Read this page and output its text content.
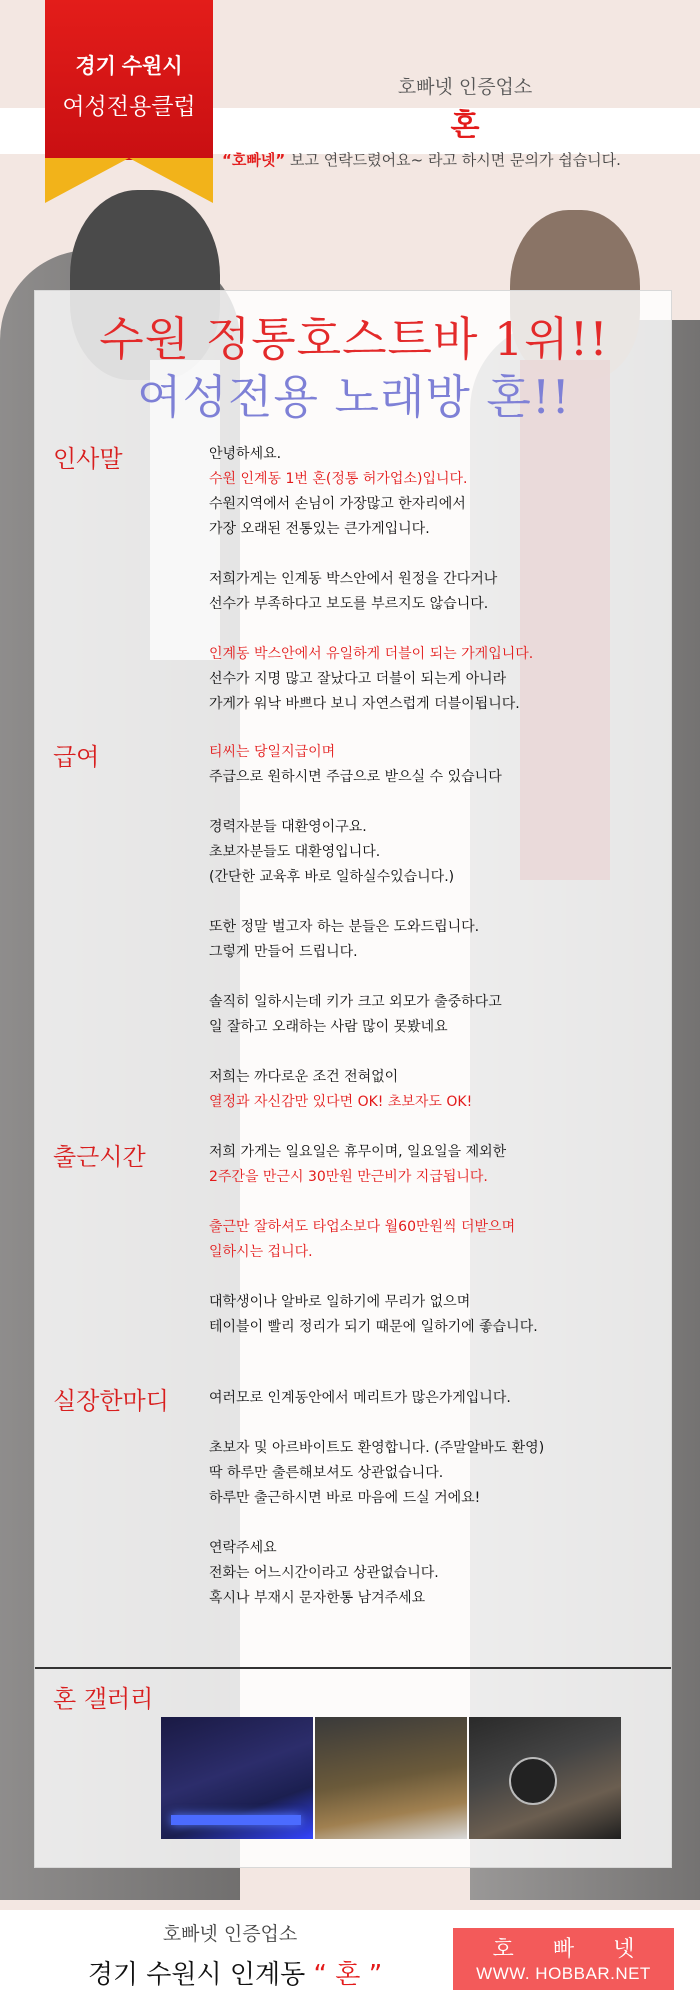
경기 수원시
여성전용클럽
호빠넷 인증업소
혼
“호빠넷” 보고 연락드렸어요~ 라고 하시면 문의가 쉽습니다.
수원 정통호스트바 1위!!
여성전용 노래방 혼!!
인사말	안녕하세요.
수원 인계동 1번 혼(정통 허가업소)입니다.
수원지역에서 손님이 가장많고 한자리에서
가장 오래된 전통있는 큰가게입니다.
저희가게는 인계동 박스안에서 원정을 간다거나
선수가 부족하다고 보도를 부르지도 않습니다.
인계동 박스안에서 유일하게 더블이 되는 가게입니다.
선수가 지명 많고 잘났다고 더블이 되는게 아니라
가게가 워낙 바쁘다 보니 자연스럽게 더블이됩니다.
급여	티씨는 당일지급이며
주급으로 원하시면 주급으로 받으실 수 있습니다
경력자분들 대환영이구요.
초보자분들도 대환영입니다.
(간단한 교육후 바로 일하실수있습니다.)
또한 정말 벌고자 하는 분들은 도와드립니다.
그렇게 만들어 드립니다.
솔직히 일하시는데 키가 크고 외모가 출중하다고
일 잘하고 오래하는 사람 많이 못봤네요
저희는 까다로운 조건 전혀없이
열정과 자신감만 있다면 OK! 초보자도 OK!
출근시간	저희 가게는 일요일은 휴무이며, 일요일을 제외한
2주간을 만근시 30만원 만근비가 지급됩니다.
출근만 잘하셔도 타업소보다 월60만원씩 더받으며
일하시는 겁니다.
대학생이나 알바로 일하기에 무리가 없으며
테이블이 빨리 정리가 되기 때문에 일하기에 좋습니다.
실장한마디	여러모로 인계동안에서 메리트가 많은가게입니다.
초보자 및 아르바이트도 환영합니다. (주말알바도 환영)
딱 하루만 출른해보셔도 상관없습니다.
하루만 출근하시면 바로 마음에 드실 거에요!
연락주세요
전화는 어느시간이라고 상관없습니다.
혹시나 부재시 문자한통 남겨주세요
혼 갤러리
호빠넷 인증업소
경기 수원시 인계동 “ 혼 ”
호 빠 넷
WWW. HOBBAR.NET
